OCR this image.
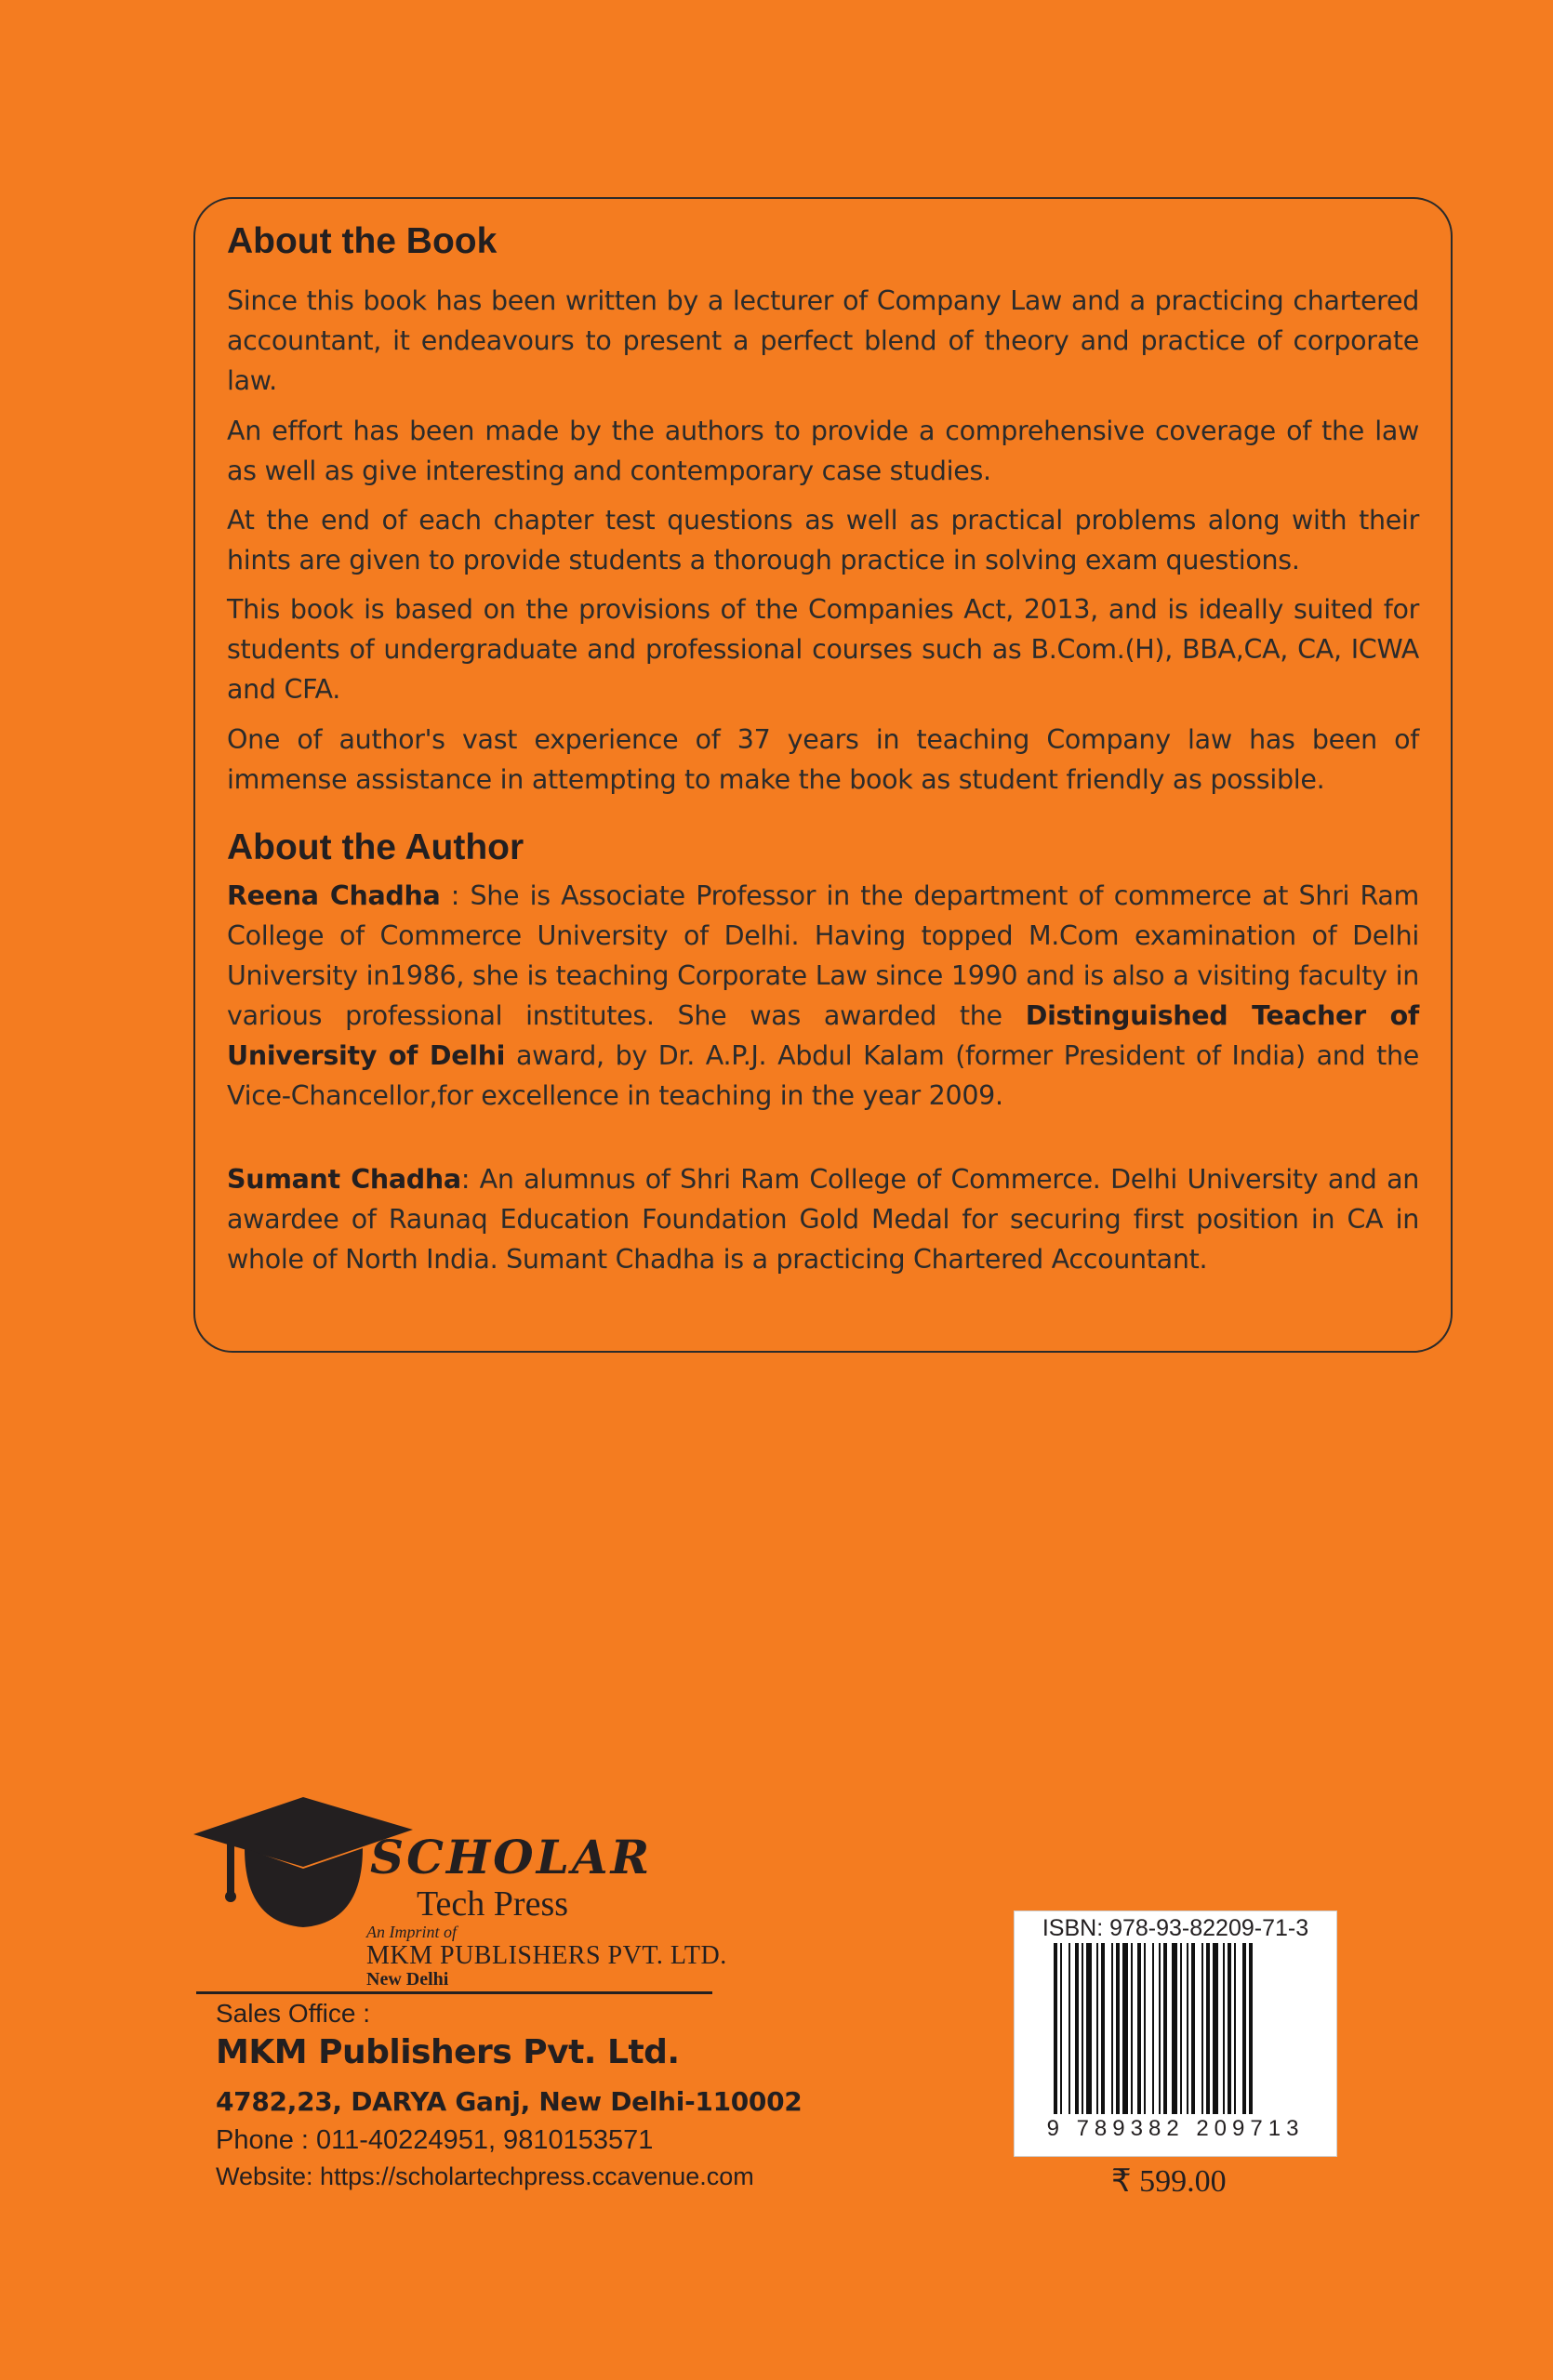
About the Book

Since this book has been written by a lecturer of Company Law and a practicing chartered accountant, it endeavours to present a perfect blend of theory and practice of corporate law.

An effort has been made by the authors to provide a comprehensive coverage of the law as well as give interesting and contemporary case studies.

At the end of each chapter test questions as well as practical problems along with their hints are given to provide students a thorough practice in solving exam questions.

This book is based on the provisions of the Companies Act, 2013, and is ideally suited for students of undergraduate and professional courses such as B.Com.(H), BBA,CA, CA, ICWA and CFA.

One of author's vast experience of 37 years in teaching Company law has been of immense assistance in attempting to make the book as student friendly as possible.

About the Author

Reena Chadha : She is Associate Professor in the department of commerce at Shri Ram College of Commerce University of Delhi. Having topped M.Com examination of Delhi University in1986, she is teaching Corporate Law since 1990 and is also a visiting faculty in various professional institutes. She was awarded the Distinguished Teacher of University of Delhi award, by Dr. A.P.J. Abdul Kalam (former President of India) and the Vice-Chancellor,for excellence in teaching in the year 2009.

Sumant Chadha: An alumnus of Shri Ram College of Commerce. Delhi University and an awardee of Raunaq Education Foundation Gold Medal for securing first position in CA in whole of North India. Sumant Chadha is a practicing Chartered Accountant.

SCHOLAR
Tech Press
An Imprint of
MKM PUBLISHERS PVT. LTD.
New Delhi
Sales Office :
MKM Publishers Pvt. Ltd.
4782,23, DARYA Ganj, New Delhi-110002
Phone : 011-40224951, 9810153571
Website: https://scholartechpress.ccavenue.com
ISBN: 978-93-82209-71-3
9 789382 209713
₹ 599.00
